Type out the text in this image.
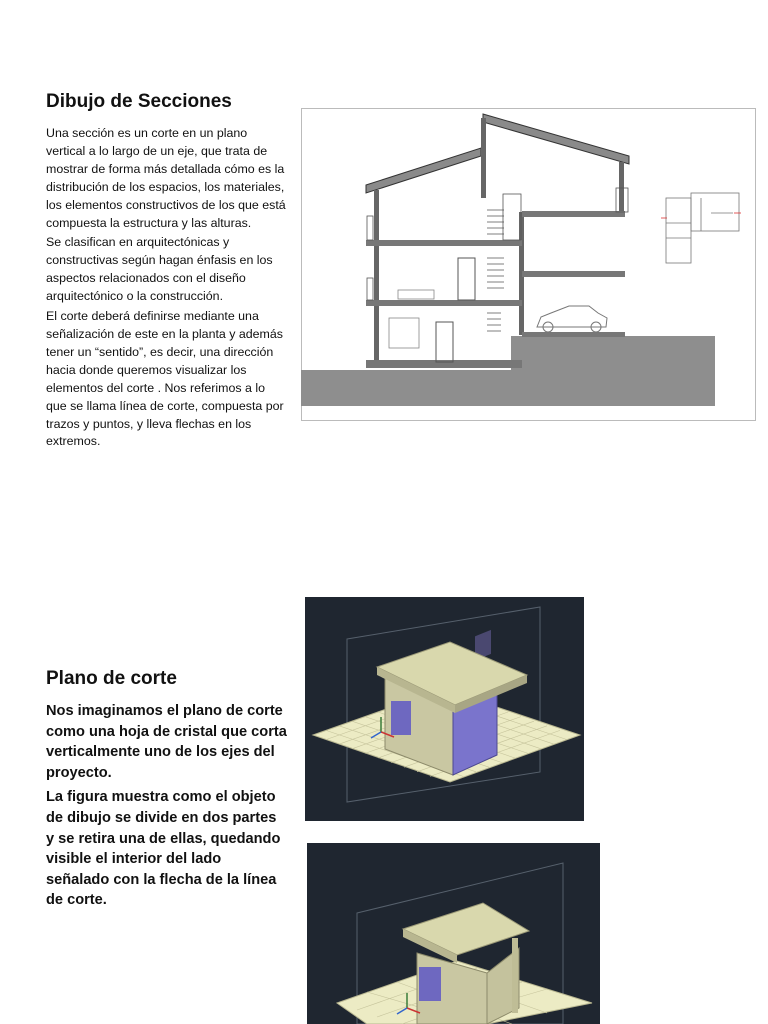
Dibujo de Secciones

Una sección es un corte en un plano vertical a lo largo de un eje, que trata de mostrar de forma más detallada cómo es la distribución de los espacios, los materiales, los elementos constructivos de los que está compuesta la estructura y las alturas.

Se clasifican en arquitectónicas y constructivas según hagan énfasis en los aspectos relacionados con el diseño arquitectónico o la construcción.

El corte deberá definirse mediante una señalización de este en la planta y además tener un “sentido”, es decir, una dirección hacia donde queremos visualizar los elementos del corte . Nos referimos a lo que se llama línea de corte, compuesta por trazos y puntos, y lleva flechas en los extremos.

Plano de corte

Nos imaginamos el plano de corte como una hoja de cristal que corta verticalmente uno de los ejes del proyecto.

La figura muestra como el objeto de dibujo se divide en dos partes y se retira una de ellas, quedando visible el interior del lado señalado con la flecha de la línea de corte.
